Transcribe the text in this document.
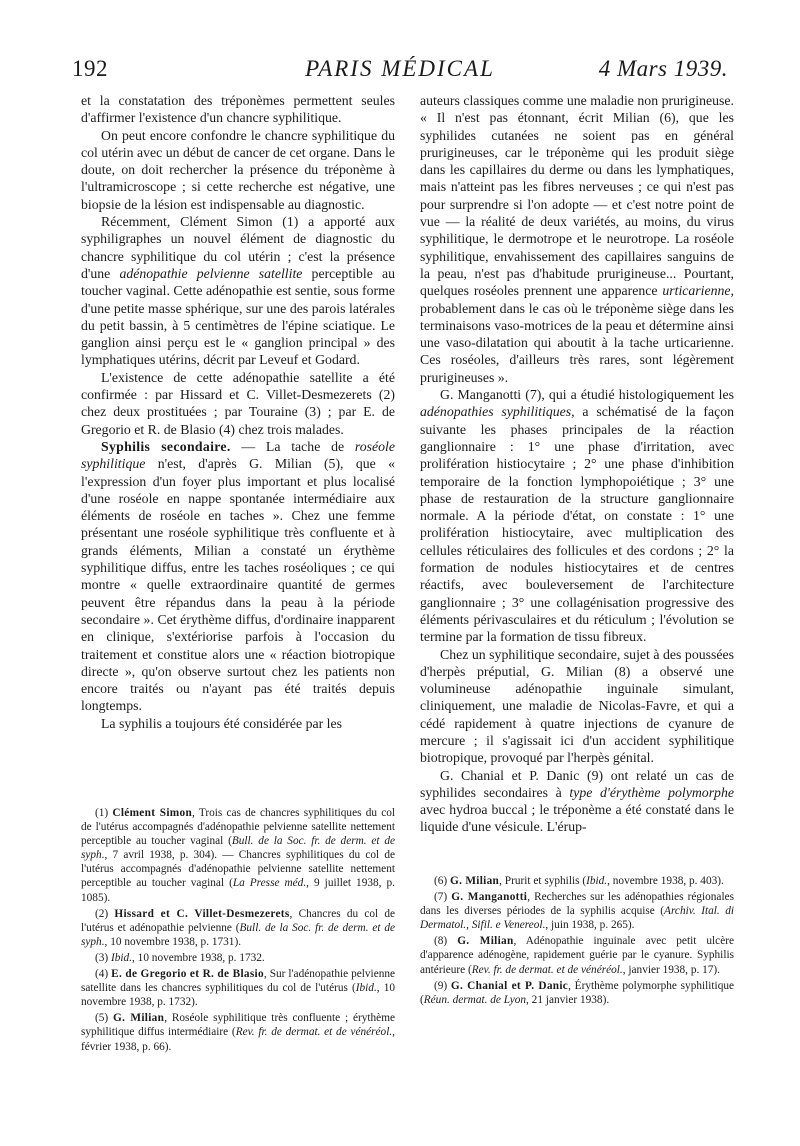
192	PARIS MÉDICAL	4 Mars 1939.

et la constatation des tréponèmes permettent seules d'affirmer l'existence d'un chancre syphilitique.

On peut encore confondre le chancre syphilitique du col utérin avec un début de cancer de cet organe. Dans le doute, on doit rechercher la présence du tréponème à l'ultramicroscope ; si cette recherche est négative, une biopsie de la lésion est indispensable au diagnostic.

Récemment, Clément Simon (1) a apporté aux syphiligraphes un nouvel élément de diagnostic du chancre syphilitique du col utérin ; c'est la présence d'une adénopathie pelvienne satellite perceptible au toucher vaginal. Cette adénopathie est sentie, sous forme d'une petite masse sphérique, sur une des parois latérales du petit bassin, à 5 centimètres de l'épine sciatique. Le ganglion ainsi perçu est le « ganglion principal » des lymphatiques utérins, décrit par Leveuf et Godard.

L'existence de cette adénopathie satellite a été confirmée : par Hissard et C. Villet-Desmezerets (2) chez deux prostituées ; par Touraine (3) ; par E. de Gregorio et R. de Blasio (4) chez trois malades.

Syphilis secondaire. — La tache de roséole syphilitique n'est, d'après G. Milian (5), que « l'expression d'un foyer plus important et plus localisé d'une roséole en nappe spontanée intermédiaire aux éléments de roséole en taches ». Chez une femme présentant une roséole syphilitique très confluente et à grands éléments, Milian a constaté un érythème syphilitique diffus, entre les taches roséoliques ; ce qui montre « quelle extraordinaire quantité de germes peuvent être répandus dans la peau à la période secondaire ». Cet érythème diffus, d'ordinaire inapparent en clinique, s'extériorise parfois à l'occasion du traitement et constitue alors une « réaction biotropique directe », qu'on observe surtout chez les patients non encore traités ou n'ayant pas été traités depuis longtemps.

La syphilis a toujours été considérée par les

auteurs classiques comme une maladie non prurigineuse. « Il n'est pas étonnant, écrit Milian (6), que les syphilides cutanées ne soient pas en général prurigineuses, car le tréponème qui les produit siège dans les capillaires du derme ou dans les lymphatiques, mais n'atteint pas les fibres nerveuses ; ce qui n'est pas pour surprendre si l'on adopte — et c'est notre point de vue — la réalité de deux variétés, au moins, du virus syphilitique, le dermotrope et le neurotrope. La roséole syphilitique, envahissement des capillaires sanguins de la peau, n'est pas d'habitude prurigineuse... Pourtant, quelques roséoles prennent une apparence urticarienne, probablement dans le cas où le tréponème siège dans les terminaisons vaso-motrices de la peau et détermine ainsi une vaso-dilatation qui aboutit à la tache urticarienne. Ces roséoles, d'ailleurs très rares, sont légèrement prurigineuses ».

G. Manganotti (7), qui a étudié histologiquement les adénopathies syphilitiques, a schématisé de la façon suivante les phases principales de la réaction ganglionnaire : 1° une phase d'irritation, avec prolifération histiocytaire ; 2° une phase d'inhibition temporaire de la fonction lymphopoiétique ; 3° une phase de restauration de la structure ganglionnaire normale. A la période d'état, on constate : 1° une prolifération histiocytaire, avec multiplication des cellules réticulaires des follicules et des cordons ; 2° la formation de nodules histiocytaires et de centres réactifs, avec bouleversement de l'architecture ganglionnaire ; 3° une collagénisation progressive des éléments périvasculaires et du réticulum ; l'évolution se termine par la formation de tissu fibreux.

Chez un syphilitique secondaire, sujet à des poussées d'herpès préputial, G. Milian (8) a observé une volumineuse adénopathie inguinale simulant, cliniquement, une maladie de Nicolas-Favre, et qui a cédé rapidement à quatre injections de cyanure de mercure ; il s'agissait ici d'un accident syphilitique biotropique, provoqué par l'herpès génital.

G. Chanial et P. Danic (9) ont relaté un cas de syphilides secondaires à type d'érythème polymorphe avec hydroa buccal ; le tréponème a été constaté dans le liquide d'une vésicule. L'érup-

(1) Clément Simon, Trois cas de chancres syphilitiques du col de l'utérus accompagnés d'adénopathie pelvienne satellite nettement perceptible au toucher vaginal (Bull. de la Soc. fr. de derm. et de syph., 7 avril 1938, p. 304). — Chancres syphilitiques du col de l'utérus accompagnés d'adénopathie pelvienne satellite nettement perceptible au toucher vaginal (La Presse méd., 9 juillet 1938, p. 1085).

(2) Hissard et C. Villet-Desmezerets, Chancres du col de l'utérus et adénopathie pelvienne (Bull. de la Soc. fr. de derm. et de syph., 10 novembre 1938, p. 1731).

(3) Ibid., 10 novembre 1938, p. 1732.

(4) E. de Gregorio et R. de Blasio, Sur l'adénopathie pelvienne satellite dans les chancres syphilitiques du col de l'utérus (Ibid., 10 novembre 1938, p. 1732).

(5) G. Milian, Roséole syphilitique très confluente ; érythème syphilitique diffus intermédiaire (Rev. fr. de dermat. et de vénéréol., février 1938, p. 66).

(6) G. Milian, Prurit et syphilis (Ibid., novembre 1938, p. 403).

(7) G. Manganotti, Recherches sur les adénopathies régionales dans les diverses périodes de la syphilis acquise (Archiv. Ital. di Dermatol., Sifil. e Venereol., juin 1938, p. 265).

(8) G. Milian, Adénopathie inguinale avec petit ulcère d'apparence adénogène, rapidement guérie par le cyanure. Syphilis antérieure (Rev. fr. de dermat. et de vénéréol., janvier 1938, p. 17).

(9) G. Chanial et P. Danic, Érythème polymorphe syphilitique (Réun. dermat. de Lyon, 21 janvier 1938).
